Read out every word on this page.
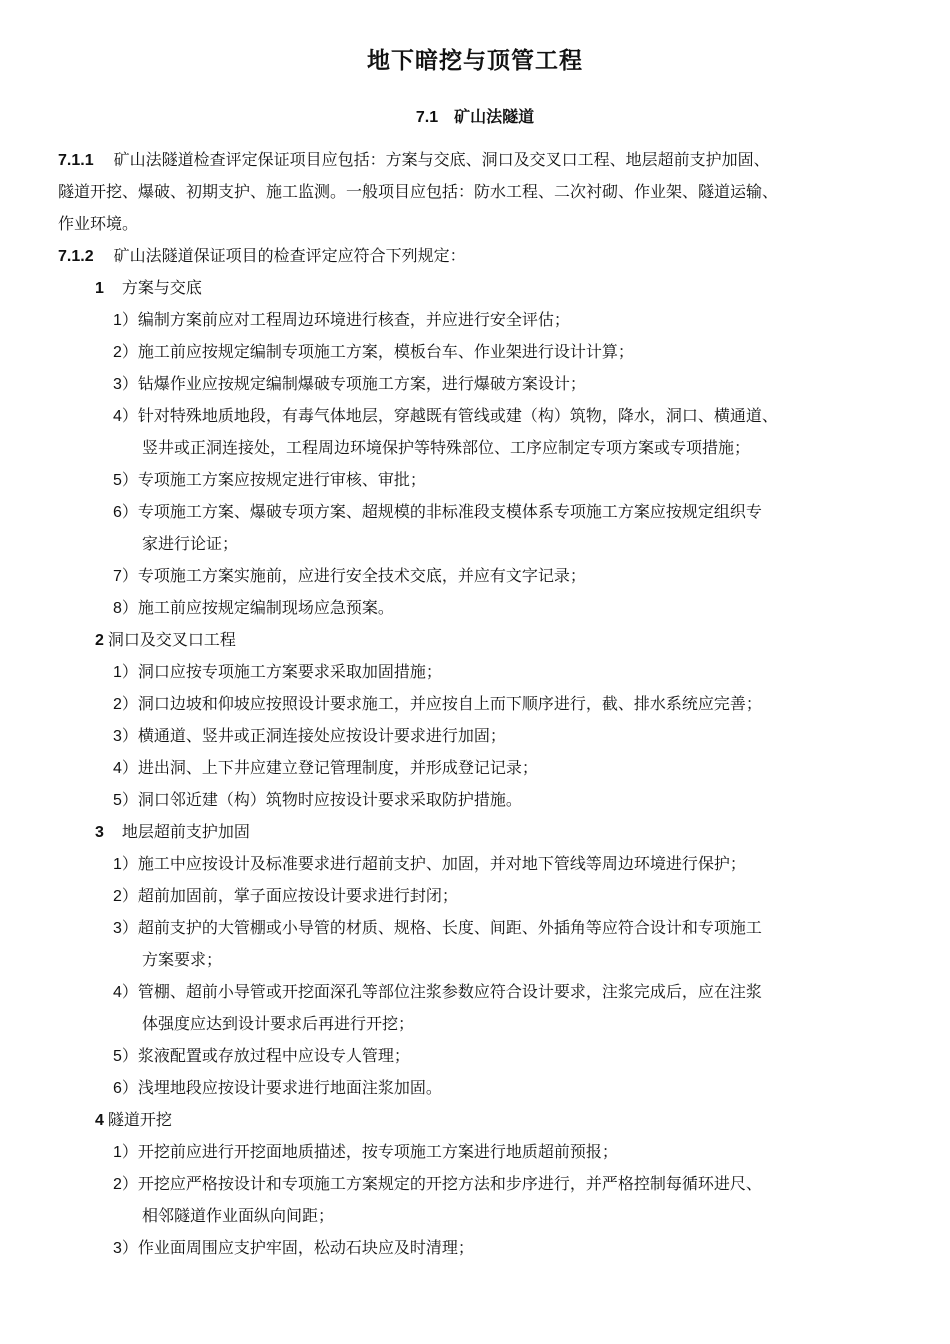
地下暗挖与顶管工程
7.1 矿山法隧道
7.1.1 矿山法隧道检查评定保证项目应包括：方案与交底、洞口及交叉口工程、地层超前支护加固、
隧道开挖、爆破、初期支护、施工监测。一般项目应包括：防水工程、二次衬砌、作业架、隧道运输、
作业环境。
7.1.2 矿山法隧道保证项目的检查评定应符合下列规定：
1 方案与交底
1）编制方案前应对工程周边环境进行核查，并应进行安全评估；
2）施工前应按规定编制专项施工方案，模板台车、作业架进行设计计算；
3）钻爆作业应按规定编制爆破专项施工方案，进行爆破方案设计；
4）针对特殊地质地段，有毒气体地层，穿越既有管线或建（构）筑物，降水，洞口、横通道、
竖井或正洞连接处，工程周边环境保护等特殊部位、工序应制定专项方案或专项措施；
5）专项施工方案应按规定进行审核、审批；
6）专项施工方案、爆破专项方案、超规模的非标准段支模体系专项施工方案应按规定组织专
家进行论证；
7）专项施工方案实施前，应进行安全技术交底，并应有文字记录；
8）施工前应按规定编制现场应急预案。
2 洞口及交叉口工程
1）洞口应按专项施工方案要求采取加固措施；
2）洞口边坡和仰坡应按照设计要求施工，并应按自上而下顺序进行，截、排水系统应完善；
3）横通道、竖井或正洞连接处应按设计要求进行加固；
4）进出洞、上下井应建立登记管理制度，并形成登记记录；
5）洞口邻近建（构）筑物时应按设计要求采取防护措施。
3 地层超前支护加固
1）施工中应按设计及标准要求进行超前支护、加固，并对地下管线等周边环境进行保护；
2）超前加固前，掌子面应按设计要求进行封闭；
3）超前支护的大管棚或小导管的材质、规格、长度、间距、外插角等应符合设计和专项施工
方案要求；
4）管棚、超前小导管或开挖面深孔等部位注浆参数应符合设计要求，注浆完成后，应在注浆
体强度应达到设计要求后再进行开挖；
5）浆液配置或存放过程中应设专人管理；
6）浅埋地段应按设计要求进行地面注浆加固。
4 隧道开挖
1）开挖前应进行开挖面地质描述，按专项施工方案进行地质超前预报；
2）开挖应严格按设计和专项施工方案规定的开挖方法和步序进行，并严格控制每循环进尺、
相邻隧道作业面纵向间距；
3）作业面周围应支护牢固，松动石块应及时清理；
